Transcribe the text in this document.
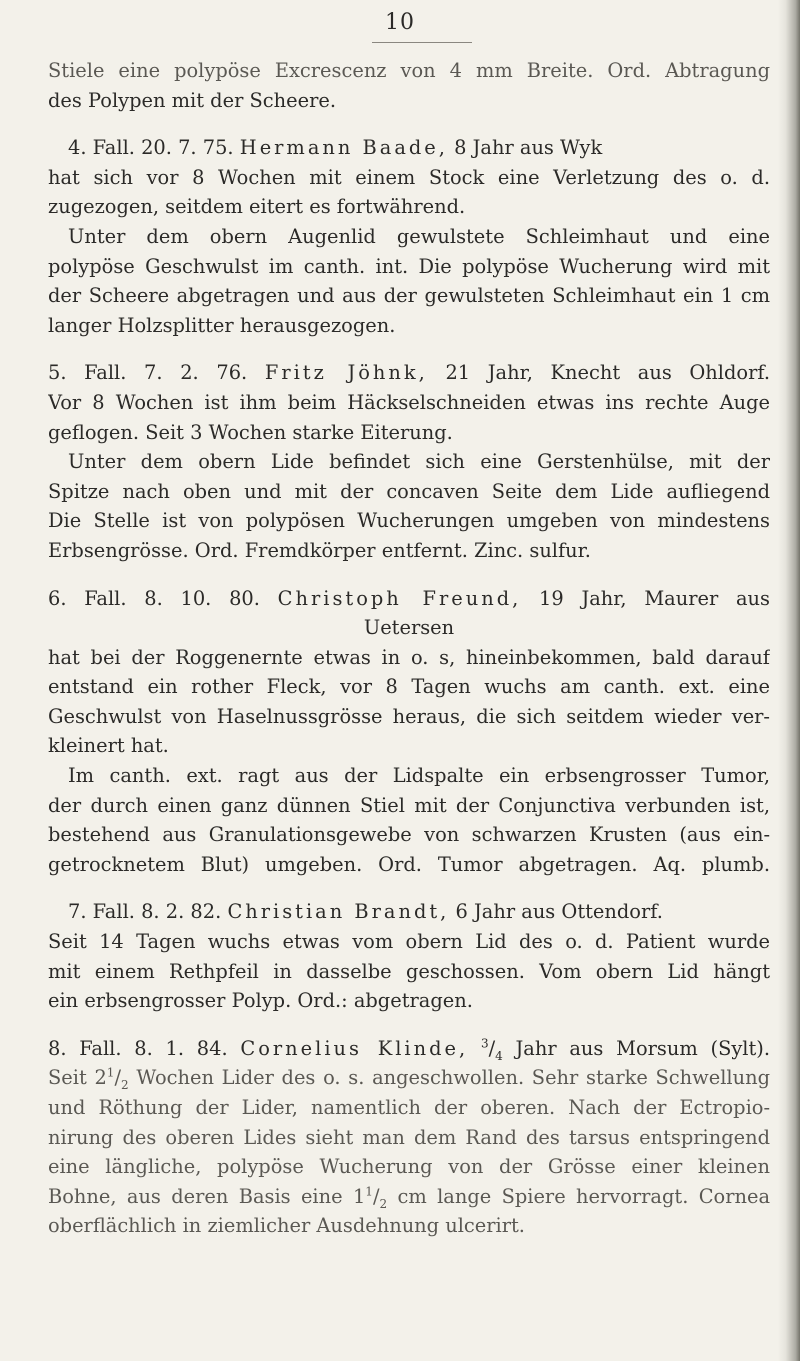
10
Stiele eine polypöse Excrescenz von 4 mm Breite. Ord. Abtragung
des Polypen mit der Scheere.
4. Fall. 20. 7. 75. Hermann Baade, 8 Jahr aus Wyk
hat sich vor 8 Wochen mit einem Stock eine Verletzung des o. d.
zugezogen, seitdem eitert es fortwährend.
Unter dem obern Augenlid gewulstete Schleimhaut und eine
polypöse Geschwulst im canth. int. Die polypöse Wucherung wird mit
der Scheere abgetragen und aus der gewulsteten Schleimhaut ein 1 cm
langer Holzsplitter herausgezogen.
5. Fall. 7. 2. 76. Fritz Jöhnk, 21 Jahr, Knecht aus Ohldorf.
Vor 8 Wochen ist ihm beim Häckselschneiden etwas ins rechte Auge
geflogen. Seit 3 Wochen starke Eiterung.
Unter dem obern Lide befindet sich eine Gerstenhülse, mit der
Spitze nach oben und mit der concaven Seite dem Lide aufliegend
Die Stelle ist von polypösen Wucherungen umgeben von mindestens
Erbsengrösse. Ord. Fremdkörper entfernt. Zinc. sulfur.
6. Fall. 8. 10. 80. Christoph Freund, 19 Jahr, Maurer aus
Uetersen
hat bei der Roggenernte etwas in o. s, hineinbekommen, bald darauf
entstand ein rother Fleck, vor 8 Tagen wuchs am canth. ext. eine
Geschwulst von Haselnussgrösse heraus, die sich seitdem wieder ver-
kleinert hat.
Im canth. ext. ragt aus der Lidspalte ein erbsengrosser Tumor,
der durch einen ganz dünnen Stiel mit der Conjunctiva verbunden ist,
bestehend aus Granulationsgewebe von schwarzen Krusten (aus ein-
getrocknetem Blut) umgeben. Ord. Tumor abgetragen. Aq. plumb.
7. Fall. 8. 2. 82. Christian Brandt, 6 Jahr aus Ottendorf.
Seit 14 Tagen wuchs etwas vom obern Lid des o. d. Patient wurde
mit einem Rethpfeil in dasselbe geschossen. Vom obern Lid hängt
ein erbsengrosser Polyp. Ord.: abgetragen.
8. Fall. 8. 1. 84. Cornelius Klinde, $^3/_4$ Jahr aus Morsum (Sylt).
Seit $2^1/_2$ Wochen Lider des o. s. angeschwollen. Sehr starke Schwellung
und Röthung der Lider, namentlich der oberen. Nach der Ectropio-
nirung des oberen Lides sieht man dem Rand des tarsus entspringend
eine längliche, polypöse Wucherung von der Grösse einer kleinen
Bohne, aus deren Basis eine $1^1/_2$ cm lange Spiere hervorragt. Cornea
oberflächlich in ziemlicher Ausdehnung ulcerirt.
